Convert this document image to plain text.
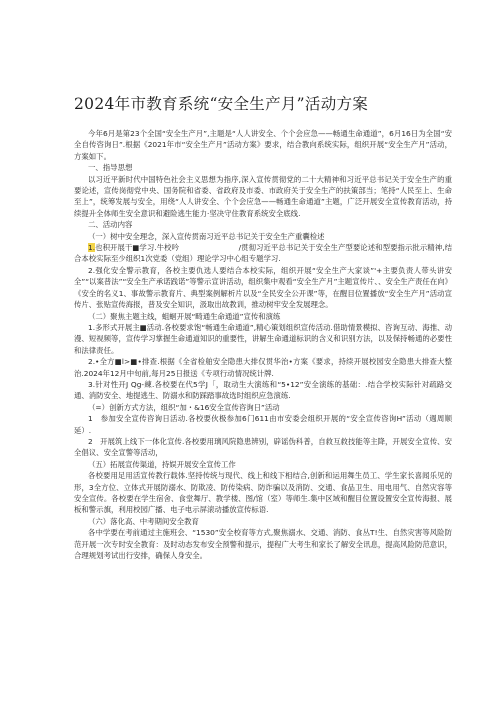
2024年市教育系统“安全生产月”活动方案

今年6月是第23个全国“安全生产月”,主题是“人人讲安全、个个会应急——畅通生命通道”，6月16日为全国“安全自传咨询日”.根据《2021年市“安全生产月”活动方案》要求，结合教向系统实际，组织开展“安全生产月”活动，方案如下。

一、指导思想

以习近平新时代中国特色社会主义思想为指序,深入宣传贯彻党的二十大精神和习近平总书记关于安全生产的重要论述，宣传岗彻党中央、国务院和省委、省政府及市委、市政府关于安全生产的扶策部当；笔持“人民至上、生命至上”，统筹发展与安全，用绕“人人讲安全、个个会应急——畅通生命通道”主题，广泛开展安全宣传教育活动，持续提升全体师生安全意识和避险逃生能力·坚决守住教育系统安全底线.

二、活动内容

（一）树中安全理念，深入宣传贯南习近平总书记关于安全生产重囊检述

1.也积开展干■学习.牛校吟　　　　　　　　/贯彻习近平总书记关于安全生产型要论述和型要指示批示精神,结合本校实际至少组织1次党委（党组）理论学习中心组专题学习.

2.强化安全警示教育，各校主要仇选人要结合本校实际，组织开展“安全生产大家谈”'+主要负责人带头讲安全”“以案普法”“安全生产承诺践诺”等警示宣讲活动，组织集中观看“安全生产月”主题宣传片、、安全生产责任在向》《安全的名义1、事故警示教育片、典型案例解析片以及“全民安全公开课”等，在醒目位置播放“安全生产月”活动宣传片、张贴宣传海报，普及安全知识，汲取出故教训，推动树牢安全发展理念。

（二）聚焦主题主线，蛆蛔开展“畸通生命通道”宣传和演练

1.多形式开展主■活动.各校要求饱“畅通生命通道”,精心策划组织宣传活动.借助情景模拟、咨询互动、海推、动漫、短视频等，宣传学习掌握生命通道知识的重要性，讲解生命通道标识的含义和识别方法，以及保持畅通的必要性和法律责任。

2.•全方■l>■•排查.根据《全省检舶安全隐患大排仅贯华治•方案《要求，持续开展校园安全隐患大排查大整治.2024年12月中旬前,每月25日报送《专项行动情况统计牌.

3.针对性开J Qg-練.各校要在代5学J「，取动生大演练和“5•12”安全演练的基础：.结合学校实际针对疏路交通、消防安全、地提逃生、防溺水和防踩踏事故选时组织应急演练.

（=）创新方式方法，组织“加・&16安全宣传咨询日”活动

1　参加安全宣传咨询日活动.各校要伙极参加6门611由市安委会组织开展的“安全宣传咨询H”活动（週周顺延）.

2　开展筑上线下一体化宣传.各校要用璃风院隐患辨别，辟谣伪科普，自救互救技能等主降，开展安全宣传、安全倡议、安全宣警等活动，

（五）拓展宣传渠道，持娱开展安全宣传工作

各校要用足用活宣传教行载体.坚持传统与现代、线上和线下相结合,创新和运用舞生员工、学生家长喜闻乐见的形，3全方位、立体式开展防溺水、防欺凌、防传染病、防诈骗以及消防、交通、食品卫生、用电用气、自然灾容等安全宣传。各校要在学生宿舍、食堂舞厅、教学楼、图/馆（室）等师生.集中区域和醒目位置设置安全宣传海报、展板和警示旗，利用校园广播、电子电示屏滚动播放宣传标语.

（六）落化高、中考期间安全教育

各中学要在考前通过主施班会、“1530”安全校育等方式,聚焦溺水、交通、消防、食丛T!生、自然灾害等风险防范开展一次专时安全教育：及时动态发布安全预警和提示，提程广大考生和家长了解安全讯息，提高风险防范意识，合理规划考试出行安排，确保人身安全。
